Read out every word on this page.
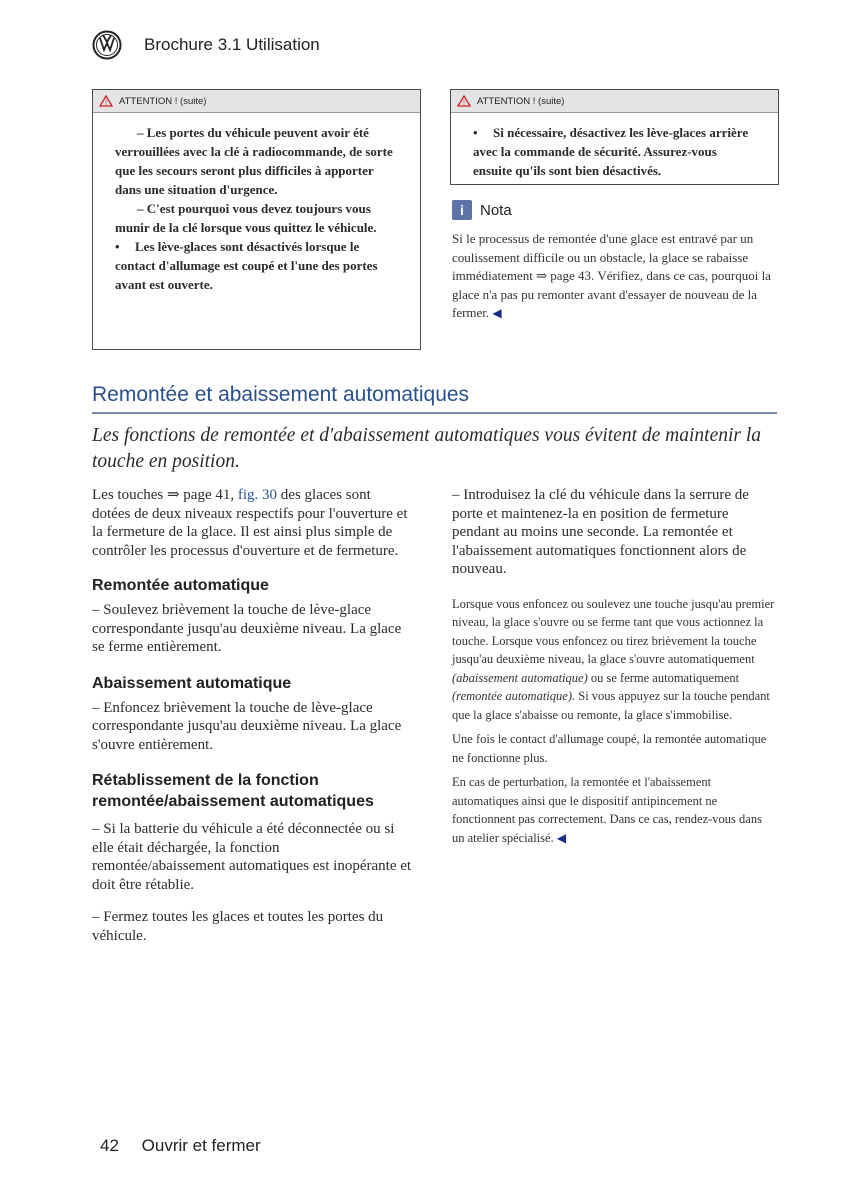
Brochure 3.1 Utilisation
! ATTENTION ! (suite)

– Les portes du véhicule peuvent avoir été verrouillées avec la clé à radiocommande, de sorte que les secours seront plus difficiles à apporter dans une situation d'urgence.

– C'est pourquoi vous devez toujours vous munir de la clé lorsque vous quittez le véhicule.

• Les lève-glaces sont désactivés lorsque le contact d'allumage est coupé et l'une des portes avant est ouverte.

! ATTENTION ! (suite)

• Si nécessaire, désactivez les lève-glaces arrière avec la commande de sécurité. Assurez-vous ensuite qu'ils sont bien désactivés.

i	Nota
Si le processus de remontée d'une glace est entravé par un coulissement difficile ou un obstacle, la glace se rabaisse immédiatement ⇒ page 43. Vérifiez, dans ce cas, pourquoi la glace n'a pas pu remonter avant d'essayer de nouveau de la fermer. ◀
Remontée et abaissement automatiques
Les fonctions de remontée et d'abaissement automatiques vous évitent de maintenir la touche en position.

Les touches ⇒ page 41, fig. 30 des glaces sont dotées de deux niveaux respectifs pour l'ouverture et la fermeture de la glace. Il est ainsi plus simple de contrôler les processus d'ouverture et de fermeture.

Remontée automatique

– Soulevez brièvement la touche de lève-glace correspondante jusqu'au deuxième niveau. La glace se ferme entièrement.

Abaissement automatique

– Enfoncez brièvement la touche de lève-glace correspondante jusqu'au deuxième niveau. La glace s'ouvre entièrement.

Rétablissement de la fonction remontée/abaissement automatiques

– Si la batterie du véhicule a été déconnectée ou si elle était déchargée, la fonction remontée/abaissement automatiques est inopérante et doit être rétablie.

– Fermez toutes les glaces et toutes les portes du véhicule.

– Introduisez la clé du véhicule dans la serrure de porte et maintenez-la en position de fermeture pendant au moins une seconde. La remontée et l'abaissement automatiques fonctionnent alors de nouveau.

Lorsque vous enfoncez ou soulevez une touche jusqu'au premier niveau, la glace s'ouvre ou se ferme tant que vous actionnez la touche. Lorsque vous enfoncez ou tirez brièvement la touche jusqu'au deuxième niveau, la glace s'ouvre automatiquement (abaissement automatique) ou se ferme automatiquement (remontée automatique). Si vous appuyez sur la touche pendant que la glace s'abaisse ou remonte, la glace s'immobilise.

Une fois le contact d'allumage coupé, la remontée automatique ne fonctionne plus.

En cas de perturbation, la remontée et l'abaissement automatiques ainsi que le dispositif antipincement ne fonctionnent pas correctement. Dans ce cas, rendez-vous dans un atelier spécialisé. ◀

42 Ouvrir et fermer
